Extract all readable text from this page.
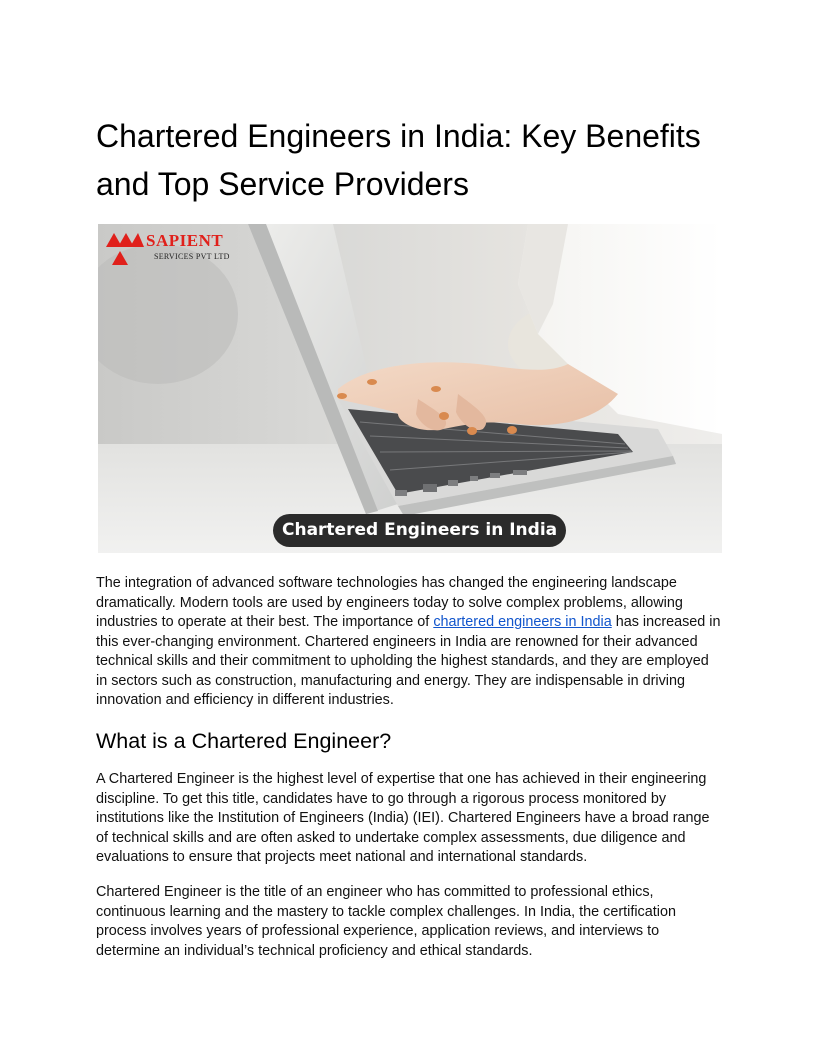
Chartered Engineers in India: Key Benefits and Top Service Providers
SAPIENT
SERVICES PVT LTD
Chartered Engineers in India

The integration of advanced software technologies has changed the engineering landscape dramatically. Modern tools are used by engineers today to solve complex problems, allowing industries to operate at their best. The importance of chartered engineers in India has increased in this ever-changing environment. Chartered engineers in India are renowned for their advanced technical skills and their commitment to upholding the highest standards, and they are employed in sectors such as construction, manufacturing and energy. They are indispensable in driving innovation and efficiency in different industries.

What is a Chartered Engineer?

A Chartered Engineer is the highest level of expertise that one has achieved in their engineering discipline. To get this title, candidates have to go through a rigorous process monitored by institutions like the Institution of Engineers (India) (IEI). Chartered Engineers have a broad range of technical skills and are often asked to undertake complex assessments, due diligence and evaluations to ensure that projects meet national and international standards.

Chartered Engineer is the title of an engineer who has committed to professional ethics, continuous learning and the mastery to tackle complex challenges. In India, the certification process involves years of professional experience, application reviews, and interviews to determine an individual’s technical proficiency and ethical standards.
